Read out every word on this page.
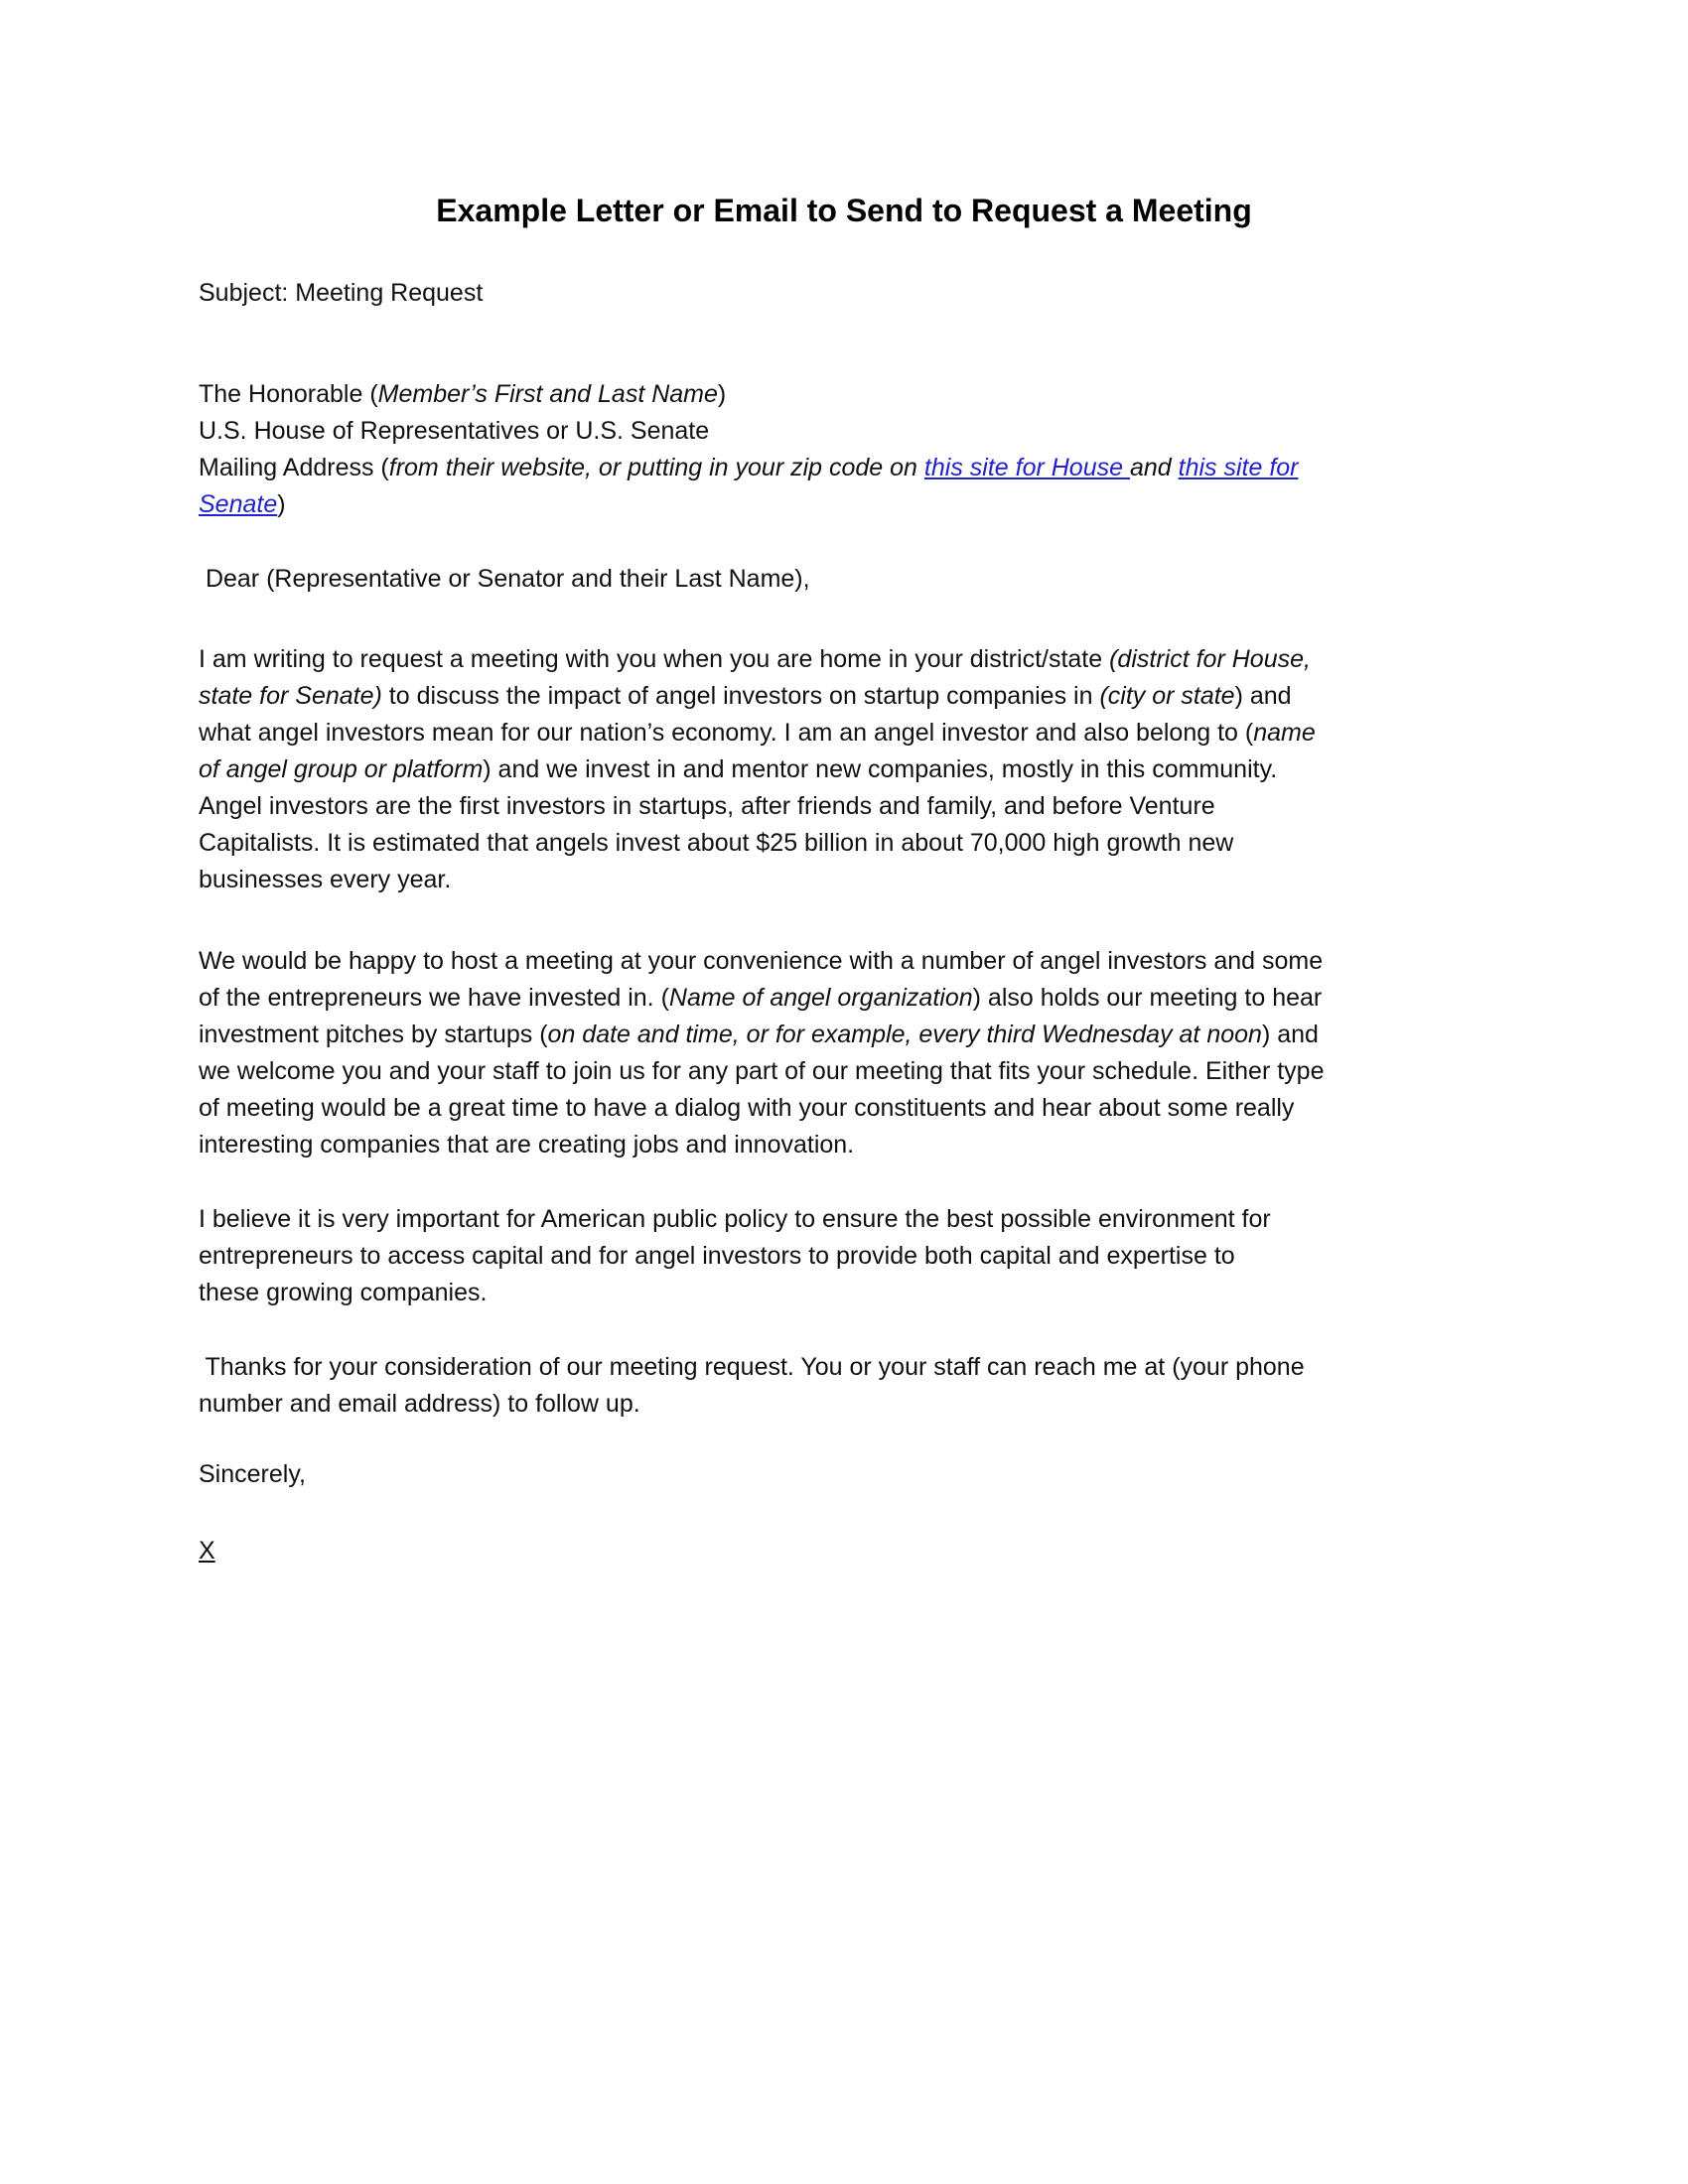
Example Letter or Email to Send to Request a Meeting
Subject: Meeting Request
The Honorable (Member’s First and Last Name)
U.S. House of Representatives or U.S. Senate
Mailing Address (from their website, or putting in your zip code on this site for House and this site for
Senate)
Dear (Representative or Senator and their Last Name),
I am writing to request a meeting with you when you are home in your district/state (district for House,
state for Senate) to discuss the impact of angel investors on startup companies in (city or state) and
what angel investors mean for our nation’s economy. I am an angel investor and also belong to (name
of angel group or platform) and we invest in and mentor new companies, mostly in this community.
Angel investors are the first investors in startups, after friends and family, and before Venture
Capitalists. It is estimated that angels invest about $25 billion in about 70,000 high growth new
businesses every year.
We would be happy to host a meeting at your convenience with a number of angel investors and some
of the entrepreneurs we have invested in. (Name of angel organization) also holds our meeting to hear
investment pitches by startups (on date and time, or for example, every third Wednesday at noon) and
we welcome you and your staff to join us for any part of our meeting that fits your schedule. Either type
of meeting would be a great time to have a dialog with your constituents and hear about some really
interesting companies that are creating jobs and innovation.
I believe it is very important for American public policy to ensure the best possible environment for
entrepreneurs to access capital and for angel investors to provide both capital and expertise to
these growing companies.
Thanks for your consideration of our meeting request. You or your staff can reach me at (your phone
number and email address) to follow up.
Sincerely,
X
